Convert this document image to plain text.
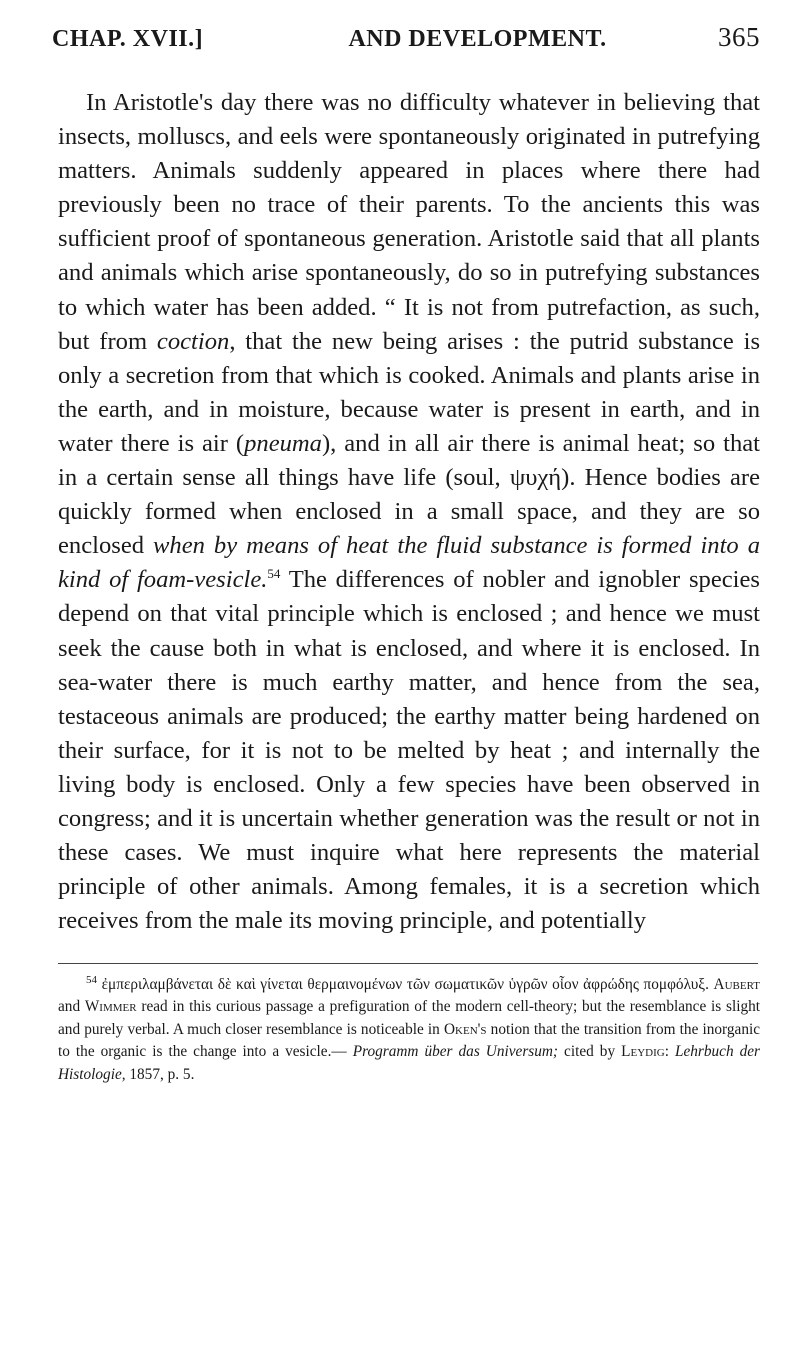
CHAP. XVII.]	AND DEVELOPMENT.	365

In Aristotle's day there was no difficulty whatever in believing that insects, molluscs, and eels were spontaneously originated in putrefying matters. Animals suddenly appeared in places where there had previously been no trace of their parents. To the ancients this was sufficient proof of spontaneous generation. Aristotle said that all plants and animals which arise spontaneously, do so in putrefying substances to which water has been added. “ It is not from putrefaction, as such, but from coction, that the new being arises : the putrid substance is only a secretion from that which is cooked. Animals and plants arise in the earth, and in moisture, because water is present in earth, and in water there is air (pneuma), and in all air there is animal heat; so that in a certain sense all things have life (soul, ψυχή). Hence bodies are quickly formed when enclosed in a small space, and they are so enclosed when by means of heat the fluid substance is formed into a kind of foam-vesicle.$^{54}$ The differences of nobler and ignobler species depend on that vital principle which is enclosed ; and hence we must seek the cause both in what is enclosed, and where it is enclosed. In sea-water there is much earthy matter, and hence from the sea, testaceous animals are produced; the earthy matter being hardened on their surface, for it is not to be melted by heat ; and internally the living body is enclosed. Only a few species have been observed in congress; and it is uncertain whether generation was the result or not in these cases. We must inquire what here represents the material principle of other animals. Among females, it is a secretion which receives from the male its moving principle, and potentially

$^{54}$ ἐμπεριλαμβάνεται δὲ καὶ γίνεται θερμαινομένων τῶν σωματικῶν ὑγρῶν οἷον ἀφρώδης πομφόλυξ. Aubert and Wimmer read in this curious passage a prefiguration of the modern cell-theory; but the resemblance is slight and purely verbal. A much closer resemblance is noticeable in Oken's notion that the transition from the inorganic to the organic is the change into a vesicle.— Programm über das Universum; cited by Leydig: Lehrbuch der Histologie, 1857, p. 5.
